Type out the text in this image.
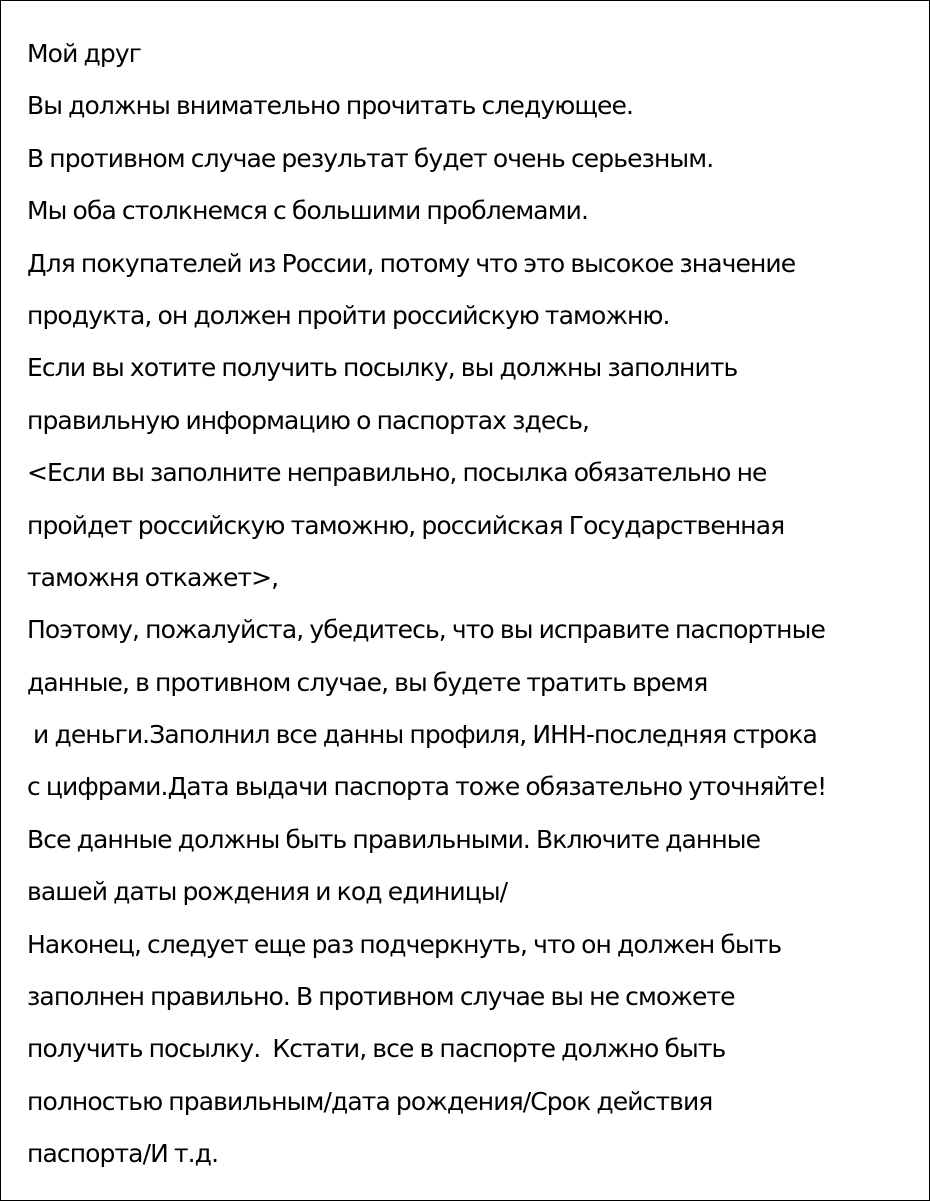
Мой друг
Вы должны внимательно прочитать следующее.
В противном случае результат будет очень серьезным.
Мы оба столкнемся с большими проблемами.
Для покупателей из России, потому что это высокое значение
продукта, он должен пройти российскую таможню.
Если вы хотите получить посылку, вы должны заполнить
правильную информацию о паспортах здесь,
<Если вы заполните неправильно, посылка обязательно не
пройдет российскую таможню, российская Государственная
таможня откажет>,
Поэтому, пожалуйста, убедитесь, что вы исправите паспортные
данные, в противном случае, вы будете тратить время
и деньги.Заполнил все данны профиля, ИНН-последняя строка
с цифрами.Дата выдачи паспорта тоже обязательно уточняйте!
Все данные должны быть правильными. Включите данные
вашей даты рождения и код единицы/
Наконец, следует еще раз подчеркнуть, что он должен быть
заполнен правильно. В противном случае вы не сможете
получить посылку.  Кстати, все в паспорте должно быть
полностью правильным/дата рождения/Срок действия
паспорта/И т.д.
